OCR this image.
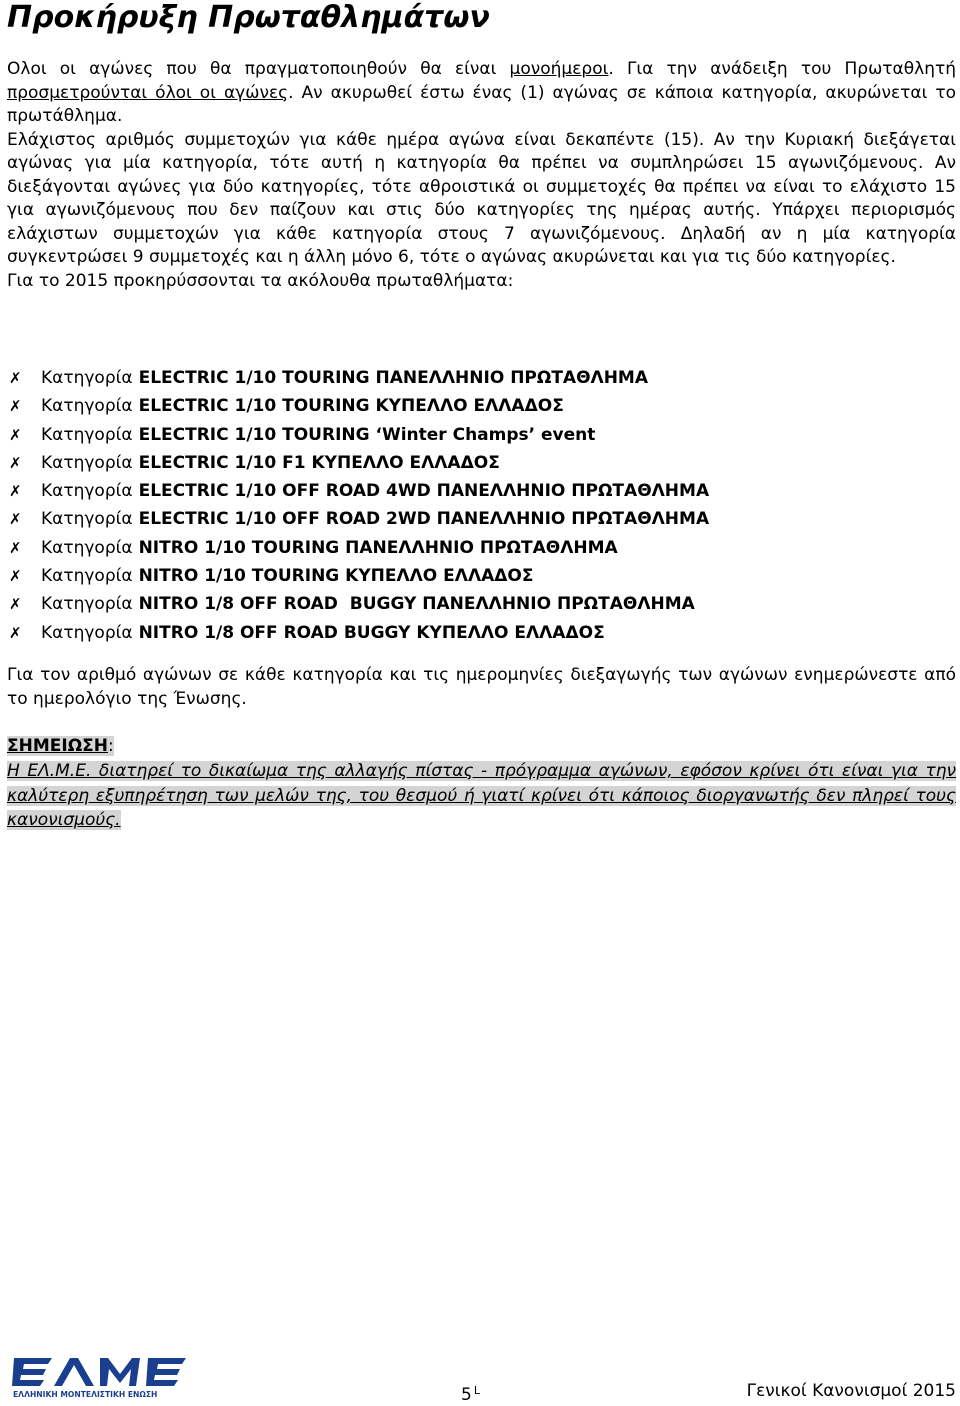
Προκήρυξη Πρωταθλημάτων
Ολοι οι αγώνες που θα πραγματοποιηθούν θα είναι μονοήμεροι. Για την ανάδειξη του Πρωταθλητή προσμετρούνται όλοι οι αγώνες. Αν ακυρωθεί έστω ένας (1) αγώνας σε κάποια κατηγορία, ακυρώνεται το πρωτάθλημα.
Ελάχιστος αριθμός συμμετοχών για κάθε ημέρα αγώνα είναι δεκαπέντε (15). Αν την Κυριακή διεξάγεται αγώνας για μία κατηγορία, τότε αυτή η κατηγορία θα πρέπει να συμπληρώσει 15 αγωνιζόμενους. Αν διεξάγονται αγώνες για δύο κατηγορίες, τότε αθροιστικά οι συμμετοχές θα πρέπει να είναι το ελάχιστο 15 για αγωνιζόμενους που δεν παίζουν και στις δύο κατηγορίες της ημέρας αυτής. Υπάρχει περιορισμός ελάχιστων συμμετοχών για κάθε κατηγορία στους 7 αγωνιζόμενους. Δηλαδή αν η μία κατηγορία συγκεντρώσει 9 συμμετοχές και η άλλη μόνο 6, τότε ο αγώνας ακυρώνεται και για τις δύο κατηγορίες.
Για το 2015 προκηρύσσονται τα ακόλουθα πρωταθλήματα:
✗	Κατηγορία ELECTRIC 1/10 TOURING ΠΑΝΕΛΛΗΝΙΟ ΠΡΩΤΑΘΛΗΜΑ
✗	Κατηγορία ELECTRIC 1/10 TOURING ΚΥΠΕΛΛΟ ΕΛΛΑΔΟΣ
✗	Κατηγορία ELECTRIC 1/10 TOURING ‘Winter Champs’ event
✗	Κατηγορία ELECTRIC 1/10 F1 ΚΥΠΕΛΛΟ ΕΛΛΑΔΟΣ
✗	Κατηγορία ELECTRIC 1/10 OFF ROAD 4WD ΠΑΝΕΛΛΗΝΙΟ ΠΡΩΤΑΘΛΗΜΑ
✗	Κατηγορία ELECTRIC 1/10 OFF ROAD 2WD ΠΑΝΕΛΛΗΝΙΟ ΠΡΩΤΑΘΛΗΜΑ
✗	Κατηγορία NITRO 1/10 TOURING ΠΑΝΕΛΛΗΝΙΟ ΠΡΩΤΑΘΛΗΜΑ
✗	Κατηγορία NITRO 1/10 TOURING ΚΥΠΕΛΛΟ ΕΛΛΑΔΟΣ
✗	Κατηγορία NITRO 1/8 OFF ROAD  BUGGY ΠΑΝΕΛΛΗΝΙΟ ΠΡΩΤΑΘΛΗΜΑ
✗	Κατηγορία NITRO 1/8 OFF ROAD BUGGY ΚΥΠΕΛΛΟ ΕΛΛΑΔΟΣ
Για τον αριθμό αγώνων σε κάθε κατηγορία και τις ημερομηνίες διεξαγωγής των αγώνων ενημερώνεστε από το ημερολόγιο της Ένωσης.
ΣΗΜΕΙΩΣΗ:
Η ΕΛ.Μ.Ε. διατηρεί το δικαίωμα της αλλαγής πίστας - πρόγραμμα αγώνων, εφόσον κρίνει ότι είναι για την καλύτερη εξυπηρέτηση των μελών της, του θεσμού ή γιατί κρίνει ότι κάποιος διοργανωτής δεν πληρεί τους κανονισμούς.
ΕΛΛΗΝΙΚΗ ΜΟΝΤΕΛΙΣΤΙΚΗ ΕΝΩΣΗ	5 $^L$	Γενικοί Κανονισμοί 2015
